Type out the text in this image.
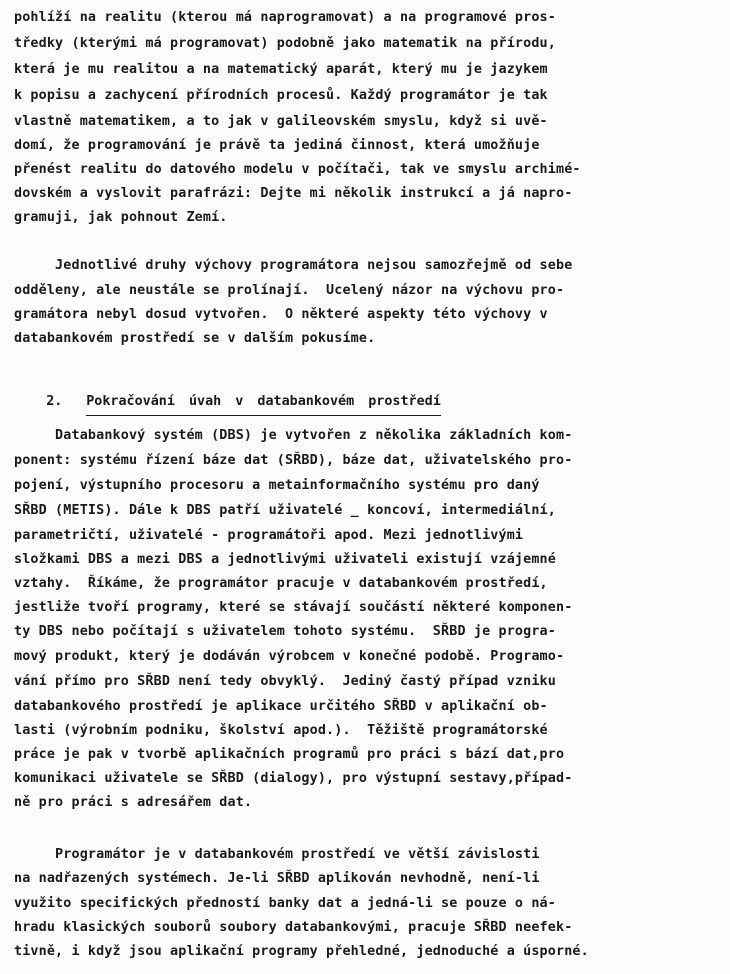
pohlíží na realitu (kterou má naprogramovat) a na programové pros-
tředky (kterými má programovat) podobně jako matematik na přírodu,
která je mu realitou a na matematický aparát, který mu je jazykem
k popisu a zachycení přírodních procesů. Každý programátor je tak
vlastně matematikem, a to jak v galileovském smyslu, když si uvě-
domí, že programování je právě ta jediná činnost, která umožňuje
přenést realitu do datového modelu v počítači, tak ve smyslu archimé-
dovském a vyslovit parafrázi: Dejte mi několik instrukcí a já napro-
gramuji, jak pohnout Zemí.
Jednotlivé druhy výchovy programátora nejsou samozřejmě od sebe
odděleny, ale neustále se prolínají.  Ucelený názor na výchovu pro-
gramátora nebyl dosud vytvořen.  O některé aspekty této výchovy v
databankovém prostředí se v dalším pokusíme.

2. Pokračování úvah v databankovém prostředí

Databankový systém (DBS) je vytvořen z několika základních kom-
ponent: systému řízení báze dat (SŘBD), báze dat, uživatelského pro-
pojení, výstupního procesoru a metainformačního systému pro daný
SŘBD (METIS). Dále k DBS patří uživatelé _ koncoví, intermediální,
parametričtí, uživatelé - programátoři apod. Mezi jednotlivými
složkami DBS a mezi DBS a jednotlivými uživateli existují vzájemné
vztahy.  Říkáme, že programátor pracuje v databankovém prostředí,
jestliže tvoří programy, které se stávají součástí některé komponen-
ty DBS nebo počítají s uživatelem tohoto systému.  SŘBD je progra-
mový produkt, který je dodáván výrobcem v konečné podobě. Programo-
vání přímo pro SŘBD není tedy obvyklý.  Jediný častý případ vzniku
databankového prostředí je aplikace určitého SŘBD v aplikační ob-
lasti (výrobním podniku, školství apod.).  Těžiště programátorské
práce je pak v tvorbě aplikačních programů pro práci s bází dat,pro
komunikaci uživatele se SŘBD (dialogy), pro výstupní sestavy,případ-
ně pro práci s adresářem dat.
Programátor je v databankovém prostředí ve větší závislosti
na nadřazených systémech. Je-li SŘBD aplikován nevhodně, není-li
využito specifických předností banky dat a jedná-li se pouze o ná-
hradu klasických souborů soubory databankovými, pracuje SŘBD neefek-
tivně, i když jsou aplikační programy přehledné, jednoduché a úsporné.
